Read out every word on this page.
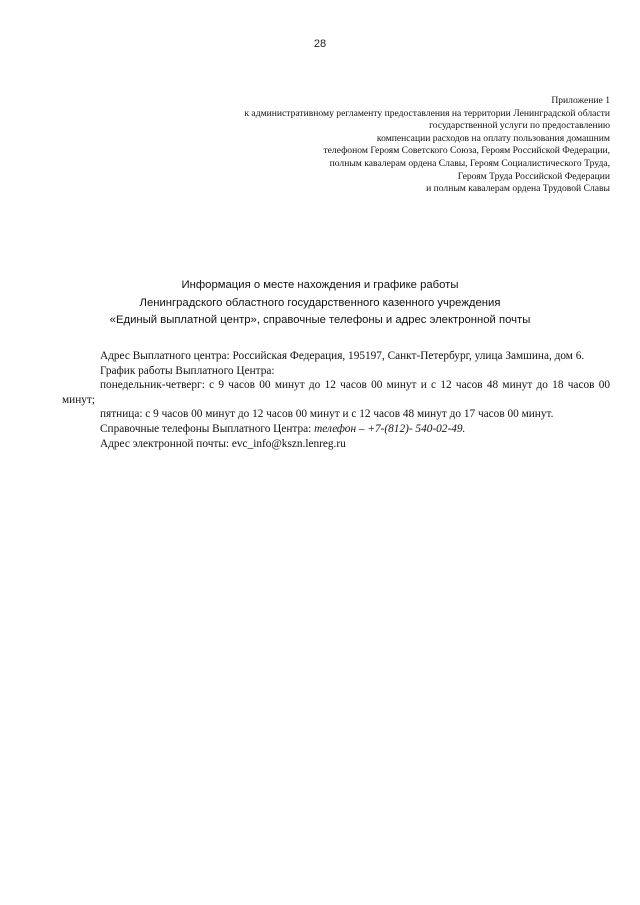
28
Приложение 1
к административному регламенту предоставления на территории Ленинградской области
государственной услуги по предоставлению
компенсации расходов на оплату пользования домашним
телефоном Героям Советского Союза, Героям Российской Федерации,
полным кавалерам ордена Славы, Героям Социалистического Труда,
Героям Труда Российской Федерации
и полным кавалерам ордена Трудовой Славы
Информация о месте нахождения и графике работы
Ленинградского областного государственного казенного учреждения
«Единый выплатной центр», справочные телефоны и адрес электронной почты
Адрес Выплатного центра: Российская Федерация, 195197, Санкт-Петербург, улица Замшина, дом 6.
График работы Выплатного Центра:
понедельник-четверг: с 9 часов 00 минут до 12 часов 00 минут и с 12 часов 48 минут до 18 часов 00 минут;
пятница: с 9 часов 00 минут до 12 часов 00 минут и с 12 часов 48 минут до 17 часов 00 минут.
Справочные телефоны Выплатного Центра: телефон – +7-(812)- 540-02-49.
Адрес электронной почты: evc_info@kszn.lenreg.ru
